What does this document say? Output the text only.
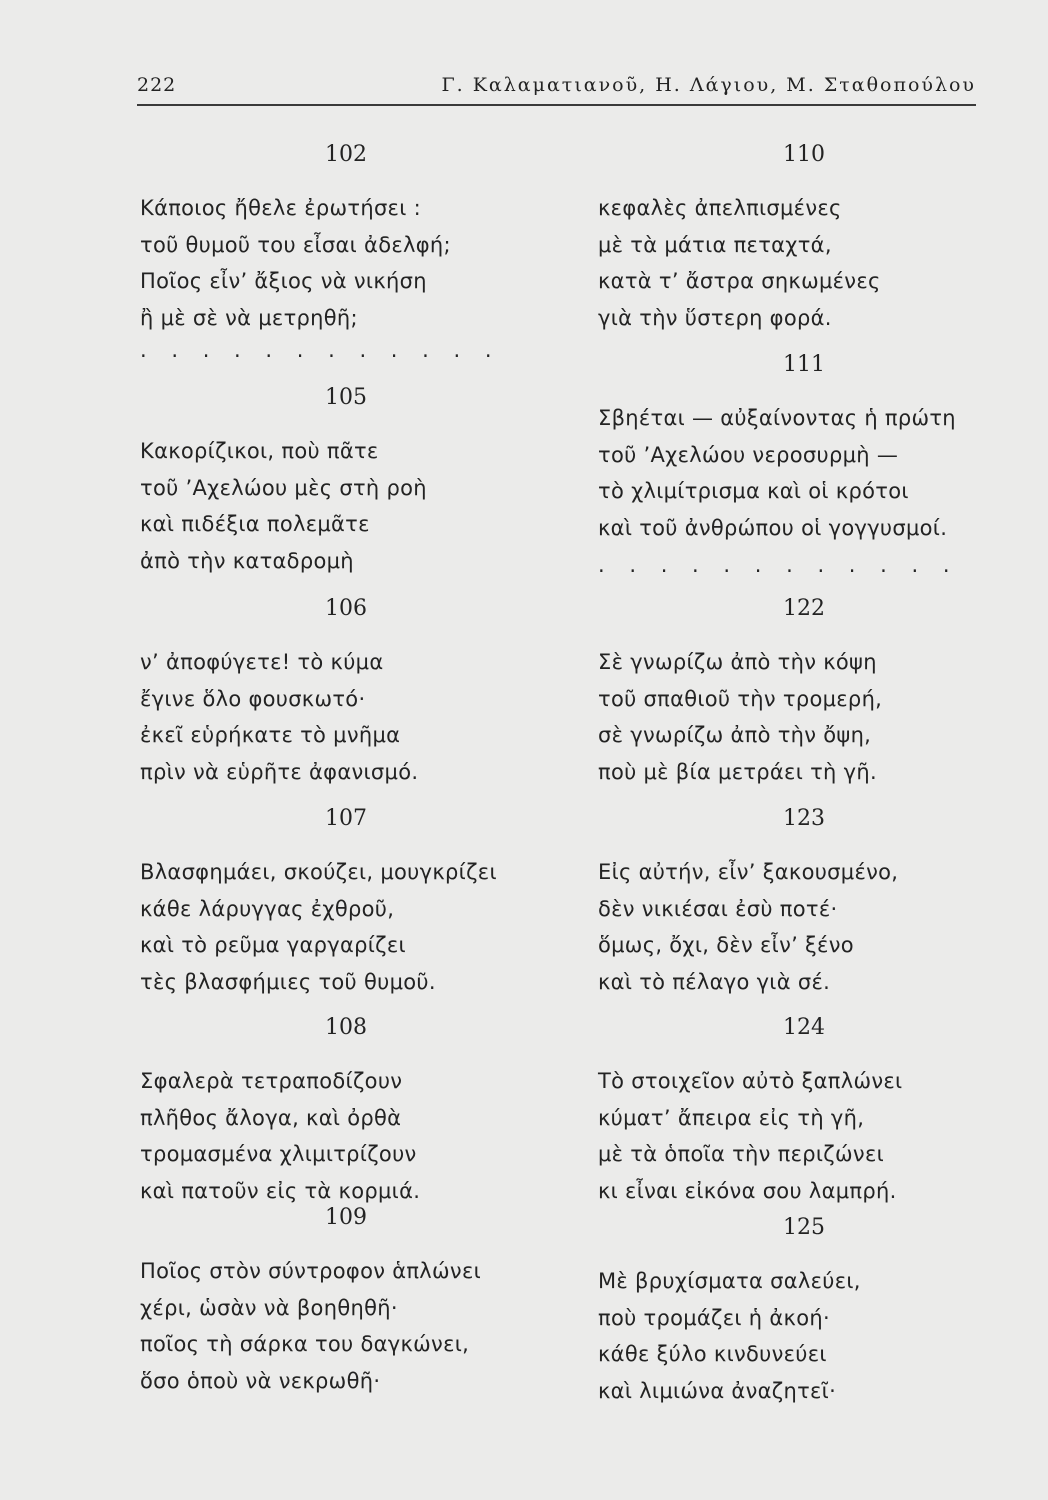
222	Γ. Καλαματιανοῦ, Η. Λάγιου, Μ. Σταθοπούλου
102
Κάποιος ἤθελε ἐρωτήσει :
τοῦ θυμοῦ του εἶσαι ἀδελφή;
Ποῖος εἶν’ ἄξιος νὰ νικήση
ἢ μὲ σὲ νὰ μετρηθῆ;
. . . . . . . . . . . .
105
Κακορίζικοι, ποὺ πᾶτε
τοῦ ’Αχελώου μὲς στὴ ροὴ
καὶ πιδέξια πολεμᾶτε
ἀπὸ τὴν καταδρομὴ
106
ν’ ἀποφύγετε! τὸ κύμα
ἔγινε ὅλο φουσκωτό·
ἐκεῖ εὑρήκατε τὸ μνῆμα
πρὶν νὰ εὑρῆτε ἀφανισμό.
107
Βλασφημάει, σκούζει, μουγκρίζει
κάθε λάρυγγας ἐχθροῦ,
καὶ τὸ ρεῦμα γαργαρίζει
τὲς βλασφήμιες τοῦ θυμοῦ.
108
Σφαλερὰ τετραποδίζουν
πλῆθος ἄλογα, καὶ ὀρθὰ
τρομασμένα χλιμιτρίζουν
καὶ πατοῦν εἰς τὰ κορμιά.
109
Ποῖος στὸν σύντροφον ἁπλώνει
χέρι, ὡσὰν νὰ βοηθηθῆ·
ποῖος τὴ σάρκα του δαγκώνει,
ὅσο ὁποὺ νὰ νεκρωθῆ·
110
κεφαλὲς ἀπελπισμένες
μὲ τὰ μάτια πεταχτά,
κατὰ τ’ ἄστρα σηκωμένες
γιὰ τὴν ὕστερη φορά.
111
Σβηέται — αὐξαίνοντας ἡ πρώτη
τοῦ ’Αχελώου νεροσυρμὴ —
τὸ χλιμίτρισμα καὶ οἱ κρότοι
καὶ τοῦ ἀνθρώπου οἱ γογγυσμοί.
. . . . . . . . . . . .
122
Σὲ γνωρίζω ἀπὸ τὴν κόψη
τοῦ σπαθιοῦ τὴν τρομερή,
σὲ γνωρίζω ἀπὸ τὴν ὄψη,
ποὺ μὲ βία μετράει τὴ γῆ.
123
Εἰς αὐτήν, εἶν’ ξακουσμένο,
δὲν νικιέσαι ἐσὺ ποτέ·
ὅμως, ὄχι, δὲν εἶν’ ξένο
καὶ τὸ πέλαγο γιὰ σέ.
124
Τὸ στοιχεῖον αὐτὸ ξαπλώνει
κύματ’ ἄπειρα εἰς τὴ γῆ,
μὲ τὰ ὁποῖα τὴν περιζώνει
κι εἶναι εἰκόνα σου λαμπρή.
125
Μὲ βρυχίσματα σαλεύει,
ποὺ τρομάζει ἡ ἀκοή·
κάθε ξύλο κινδυνεύει
καὶ λιμιώνα ἀναζητεῖ·
